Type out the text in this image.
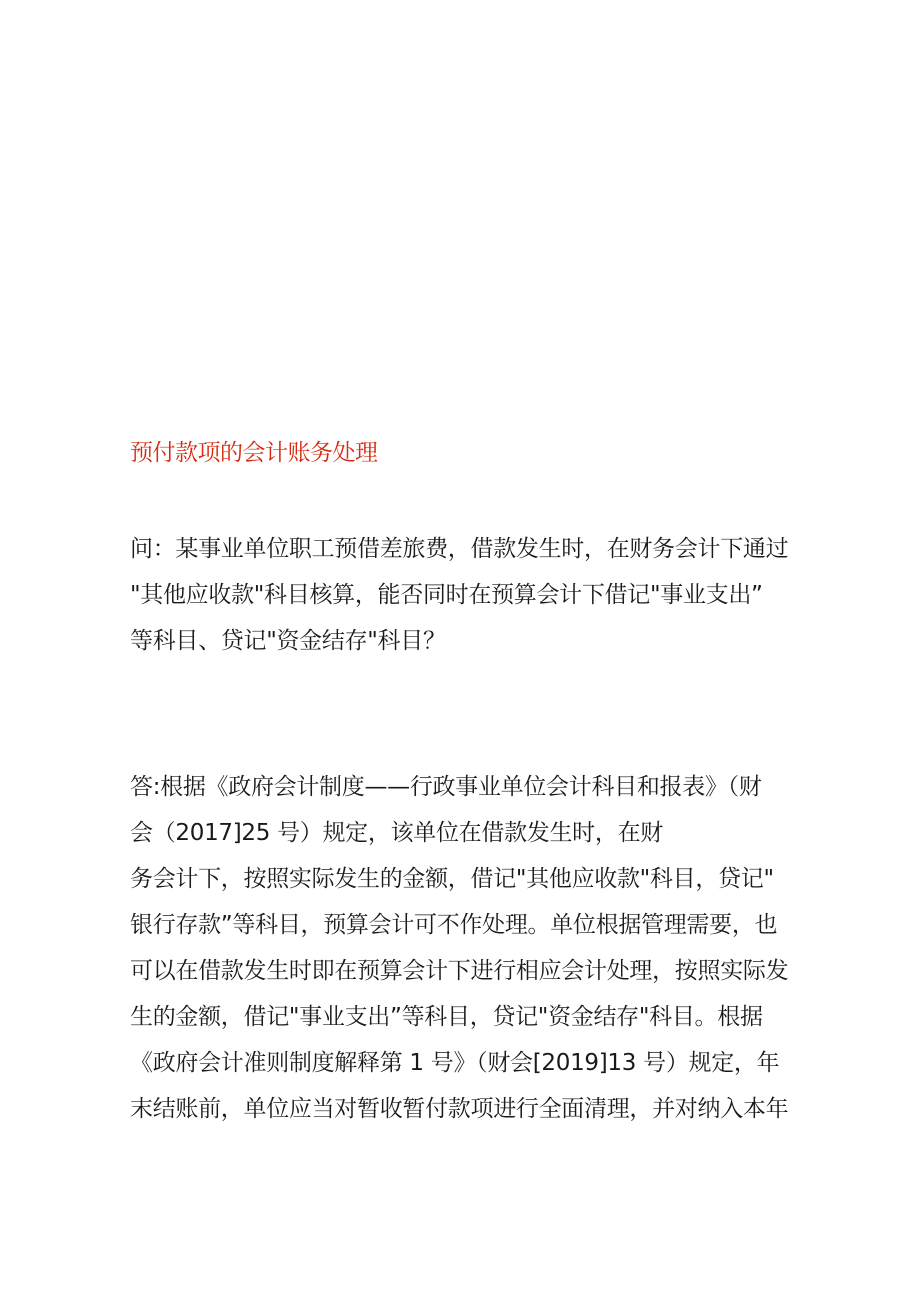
预付款项的会计账务处理
问：某事业单位职工预借差旅费，借款发生时，在财务会计下通过
"其他应收款"科目核算，能否同时在预算会计下借记"事业支出”
等科目、贷记"资金结存"科目？
答:根据《政府会计制度——行政事业单位会计科目和报表》（财
会（2017]25 号）规定，该单位在借款发生时，在财
务会计下，按照实际发生的金额，借记"其他应收款"科目，贷记"
银行存款”等科目，预算会计可不作处理。单位根据管理需要，也
可以在借款发生时即在预算会计下进行相应会计处理，按照实际发
生的金额，借记"事业支出”等科目，贷记"资金结存"科目。根据
《政府会计准则制度解释第 1 号》（财会[2019]13 号）规定，年
末结账前，单位应当对暂收暂付款项进行全面清理，并对纳入本年
